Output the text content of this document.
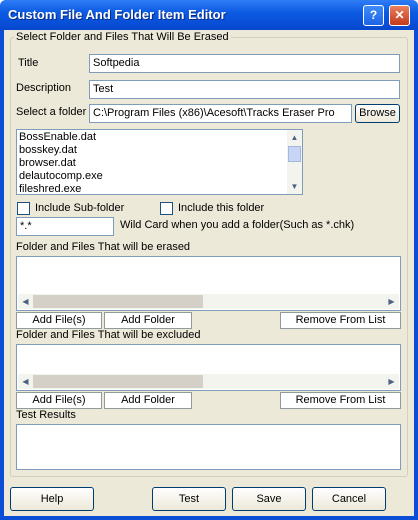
Custom File And Folder Item Editor	?	✕
Select Folder and Files That Will Be Erased
Title	Softpedia
Description	Test
Select a folder C:\Program Files (x86)\Acesoft\Tracks Eraser Pro	Browse
BossEnable.dat
bosskey.dat
browser.dat
delautocomp.exe
fileshred.exe
▲
▼
Include Sub-folder	Include this folder
*.*	Wild Card when you add a folder(Such as *.chk)
Folder and Files That will be erased
◀	▶
Add File(s)	Add Folder	Remove From List
Folder and Files That will be excluded
◀	▶
Add File(s)	Add Folder	Remove From List
Test Results
Help	Test	Save	Cancel
